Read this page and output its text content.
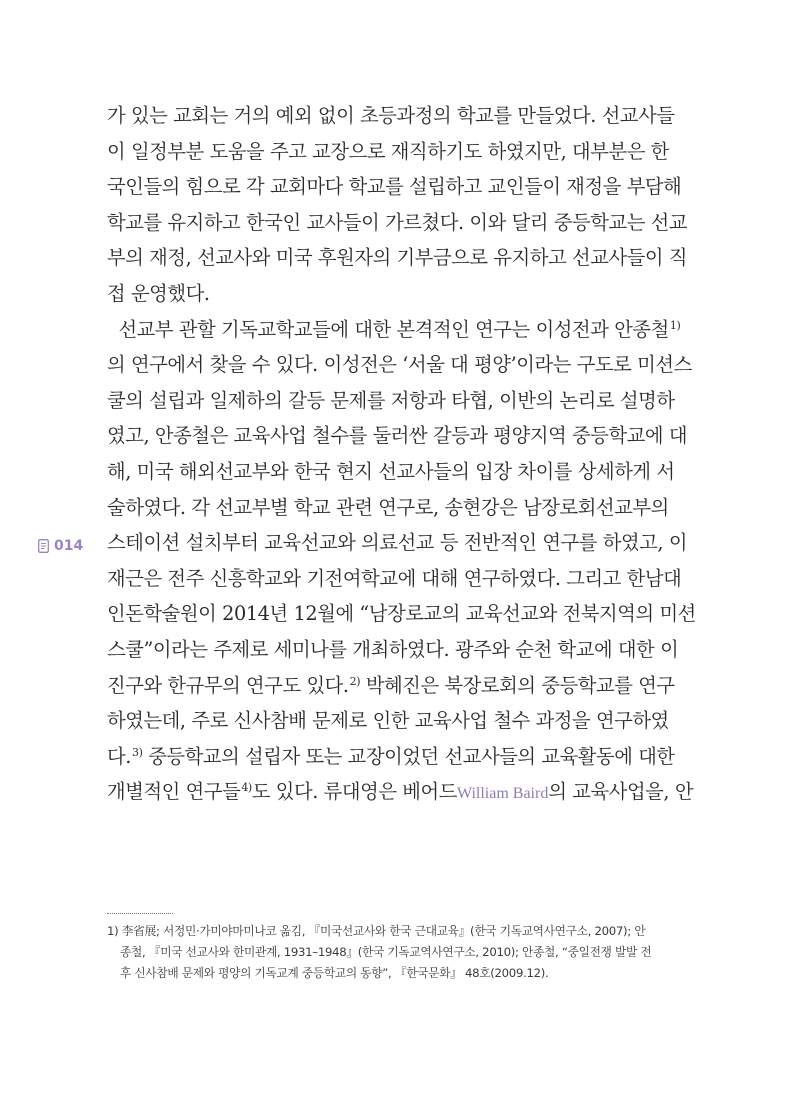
014
가 있는 교회는 거의 예외 없이 초등과정의 학교를 만들었다. 선교사들
이 일정부분 도움을 주고 교장으로 재직하기도 하였지만, 대부분은 한
국인들의 힘으로 각 교회마다 학교를 설립하고 교인들이 재정을 부담해
학교를 유지하고 한국인 교사들이 가르쳤다. 이와 달리 중등학교는 선교
부의 재정, 선교사와 미국 후원자의 기부금으로 유지하고 선교사들이 직
접 운영했다.
선교부 관할 기독교학교들에 대한 본격적인 연구는 이성전과 안종철$^{1)}$
의 연구에서 찾을 수 있다. 이성전은 ‘서울 대 평양’이라는 구도로 미션스
쿨의 설립과 일제하의 갈등 문제를 저항과 타협, 이반의 논리로 설명하
였고, 안종철은 교육사업 철수를 둘러싼 갈등과 평양지역 중등학교에 대
해, 미국 해외선교부와 한국 현지 선교사들의 입장 차이를 상세하게 서
술하였다. 각 선교부별 학교 관련 연구로, 송현강은 남장로회선교부의
스테이션 설치부터 교육선교와 의료선교 등 전반적인 연구를 하였고, 이
재근은 전주 신흥학교와 기전여학교에 대해 연구하였다. 그리고 한남대
인돈학술원이 2014년 12월에 “남장로교의 교육선교와 전북지역의 미션
스쿨”이라는 주제로 세미나를 개최하였다. 광주와 순천 학교에 대한 이
진구와 한규무의 연구도 있다.$^{2)}$ 박혜진은 북장로회의 중등학교를 연구
하였는데, 주로 신사참배 문제로 인한 교육사업 철수 과정을 연구하였
다.$^{3)}$ 중등학교의 설립자 또는 교장이었던 선교사들의 교육활동에 대한
개별적인 연구들$^{4)}$도 있다. 류대영은 베어드William Baird의 교육사업을, 안
1) 李省展; 서정민·가미야마미나코 옮김, 『미국선교사와 한국 근대교육』(한국 기독교역사연구소, 2007); 안
종철, 『미국 선교사와 한미관계, 1931–1948』(한국 기독교역사연구소, 2010); 안종철, “중일전쟁 발발 전
후 신사참배 문제와 평양의 기독교계 중등학교의 동향”, 『한국문화』 48호(2009.12).
